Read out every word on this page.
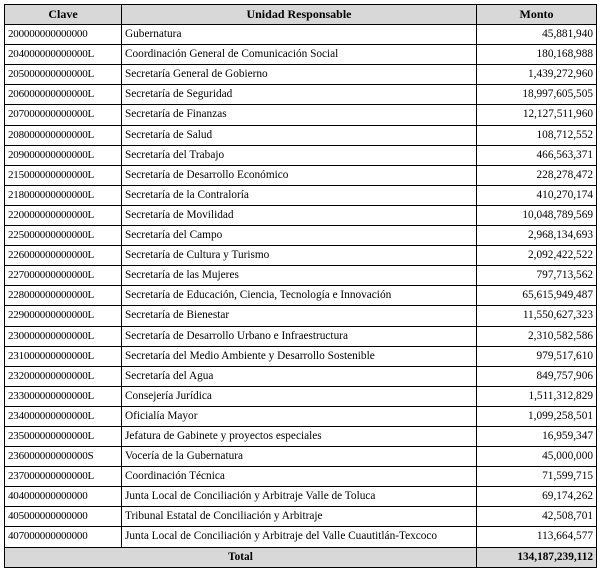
Clave	Unidad Responsable	Monto
200000000000000	Gubernatura	45,881,940
204000000000000L	Coordinación General de Comunicación Social	180,168,988
205000000000000L	Secretaría General de Gobierno	1,439,272,960
206000000000000L	Secretaría de Seguridad	18,997,605,505
207000000000000L	Secretaría de Finanzas	12,127,511,960
208000000000000L	Secretaría de Salud	108,712,552
209000000000000L	Secretaría del Trabajo	466,563,371
215000000000000L	Secretaría de Desarrollo Económico	228,278,472
218000000000000L	Secretaría de la Contraloría	410,270,174
220000000000000L	Secretaría de Movilidad	10,048,789,569
225000000000000L	Secretaría del Campo	2,968,134,693
226000000000000L	Secretaría de Cultura y Turismo	2,092,422,522
227000000000000L	Secretaría de las Mujeres	797,713,562
228000000000000L	Secretaría de Educación, Ciencia, Tecnología e Innovación	65,615,949,487
229000000000000L	Secretaría de Bienestar	11,550,627,323
230000000000000L	Secretaría de Desarrollo Urbano e Infraestructura	2,310,582,586
231000000000000L	Secretaría del Medio Ambiente y Desarrollo Sostenible	979,517,610
232000000000000L	Secretaría del Agua	849,757,906
233000000000000L	Consejería Jurídica	1,511,312,829
234000000000000L	Oficialía Mayor	1,099,258,501
235000000000000L	Jefatura de Gabinete y proyectos especiales	16,959,347
236000000000000S	Vocería de la Gubernatura	45,000,000
237000000000000L	Coordinación Técnica	71,599,715
404000000000000	Junta Local de Conciliación y Arbitraje Valle de Toluca	69,174,262
405000000000000	Tribunal Estatal de Conciliación y Arbitraje	42,508,701
407000000000000	Junta Local de Conciliación y Arbitraje del Valle Cuautitlán-Texcoco	113,664,577
Total		134,187,239,112
